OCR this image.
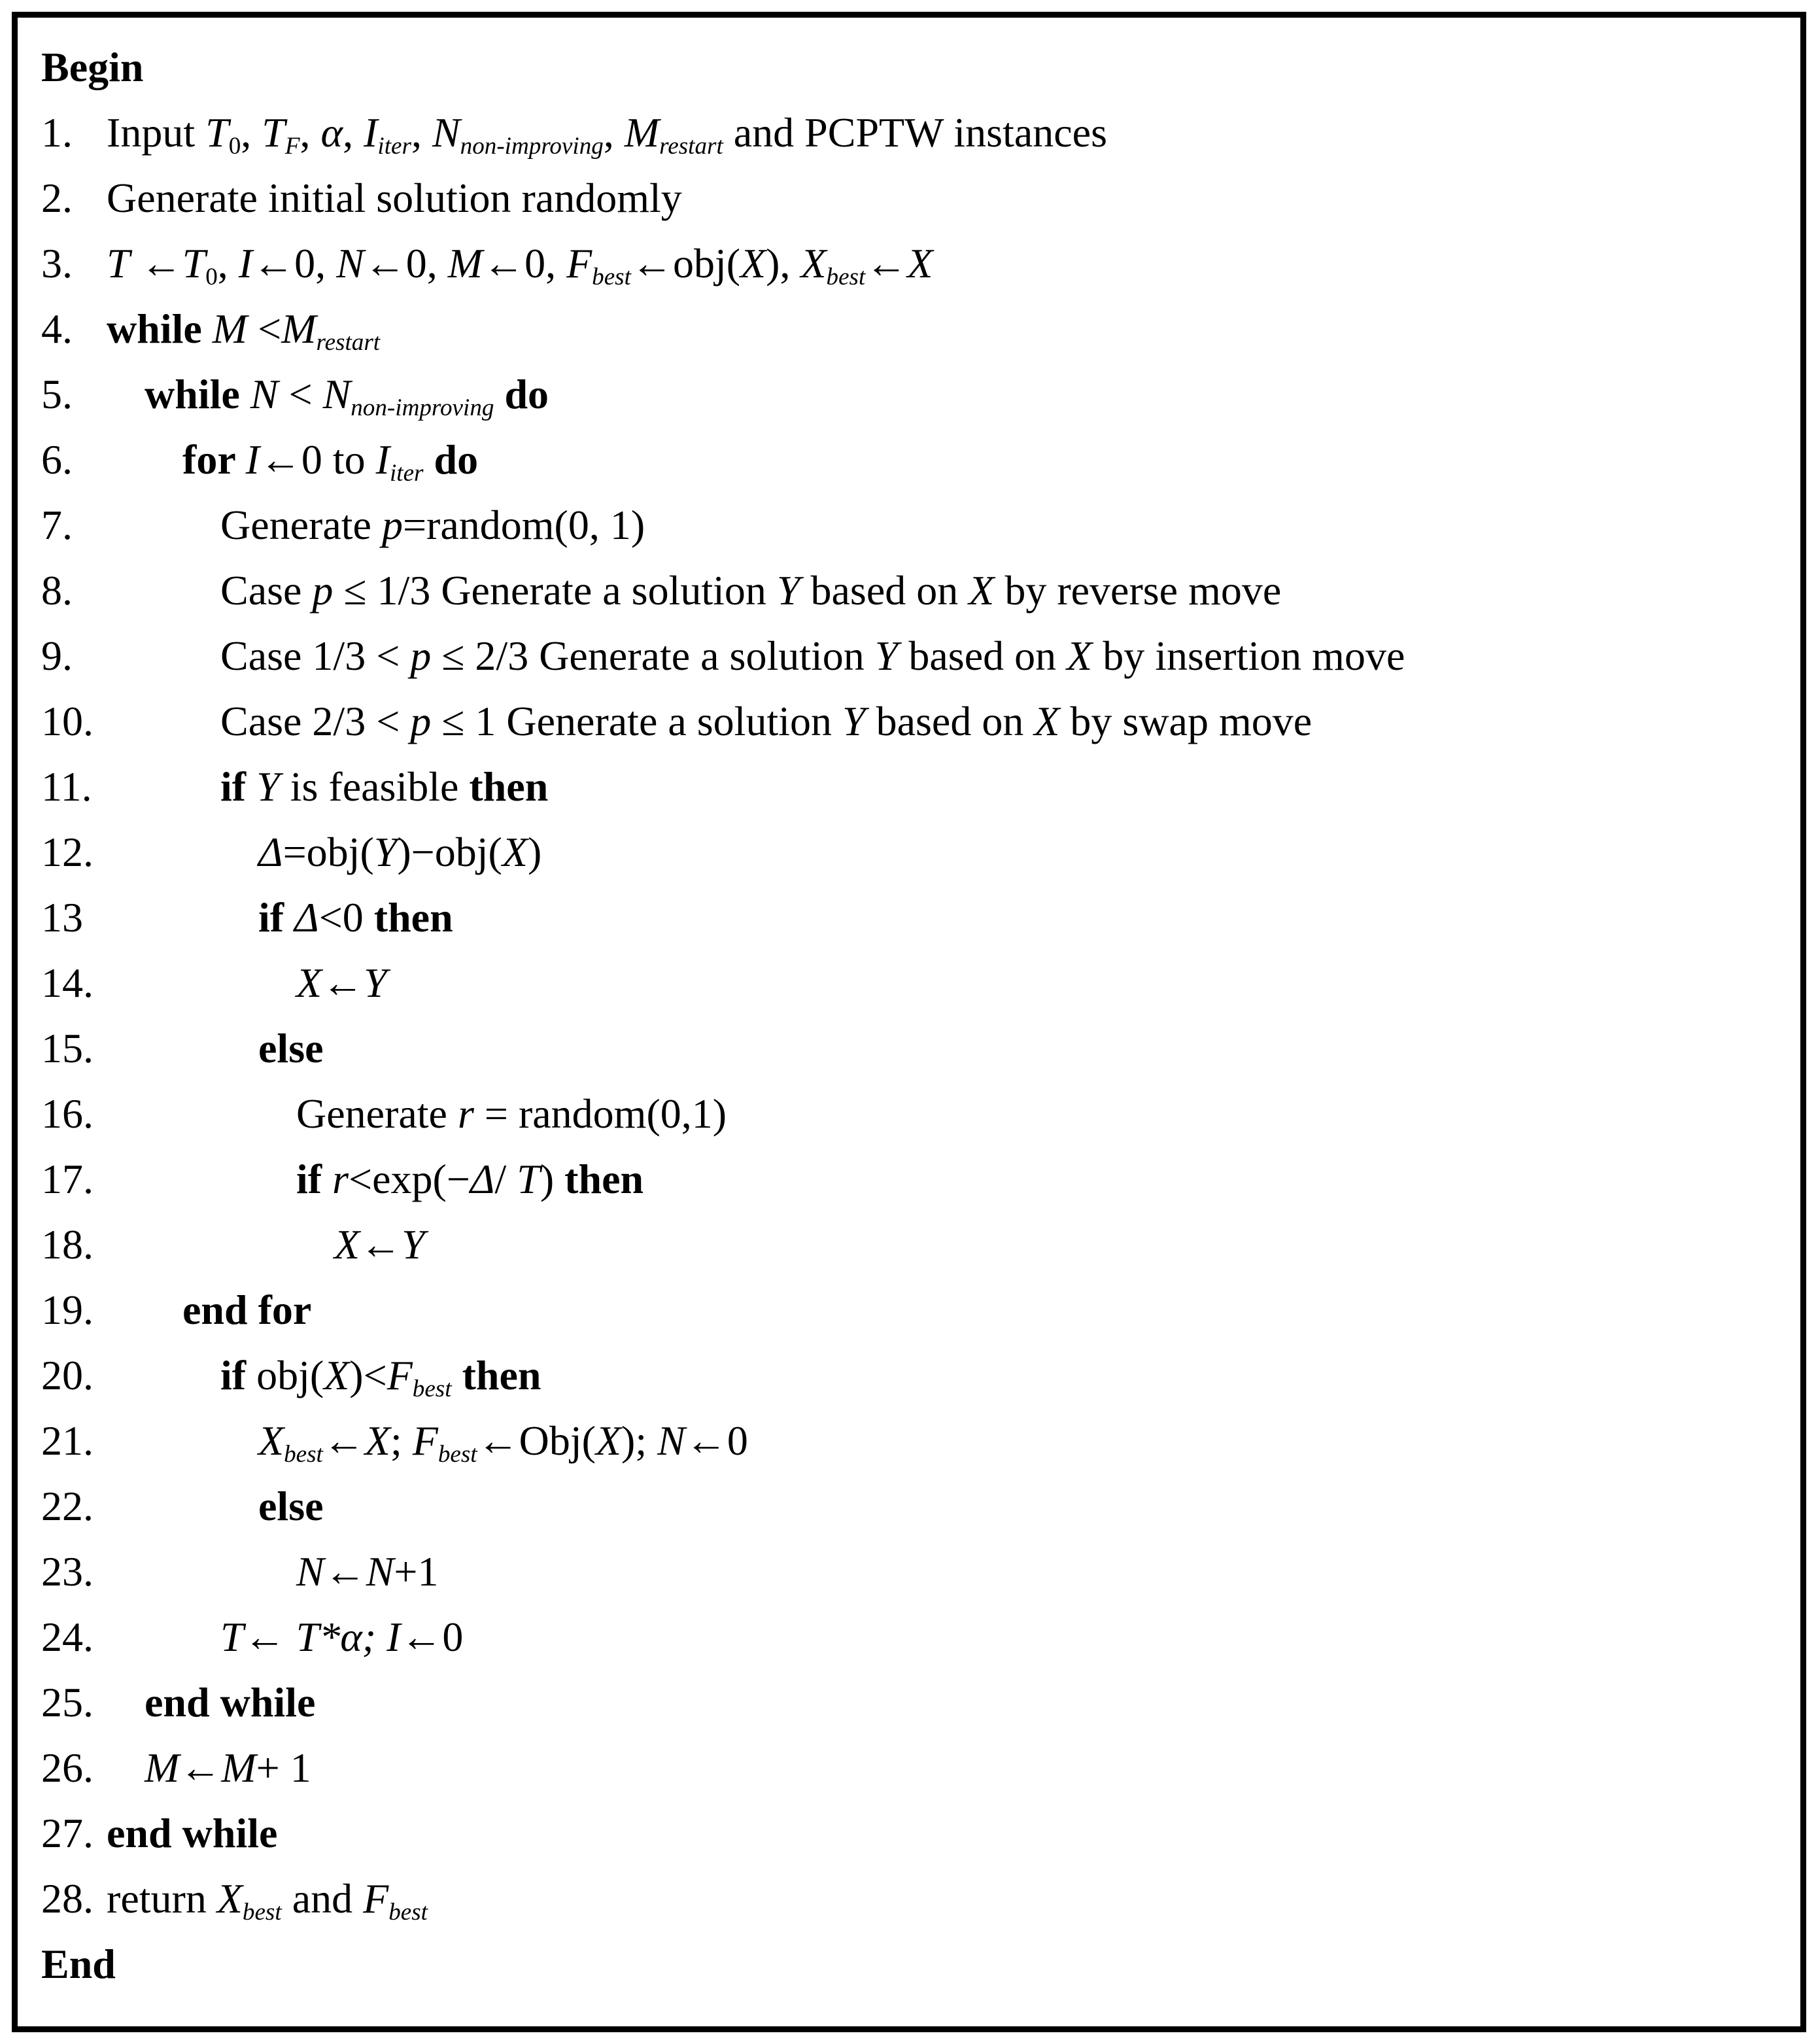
Begin
1. Input $T_0$, $T_F$, α, $I_{iter}$, $N_{non-improving}$, $M_{restart}$ and PCPTW instances
2. Generate initial solution randomly
3. T $\leftarrow T_0$, I←0, N←0, M←0, $F_{best}\leftarrow obj(X)$, $X_{best}\leftarrow X$
4. while $M <M_{restart}$
5.	while $N < N_{non-improving}$ do
6.	for I←0 to $I_{iter}$ do
7.	Generate p=random(0, 1)
8.	Case p ≤ 1/3 Generate a solution Y based on X by reverse move
9.	Case 1/3 < p ≤ 2/3 Generate a solution Y based on X by insertion move
10.	Case 2/3 < p ≤ 1 Generate a solution Y based on X by swap move
11.	if Y is feasible then
12.	Δ=obj(Y)−obj(X)
13	if Δ<0 then
14.	X←Y
15.	else
16.	Generate r = random(0,1)
17.	if r<exp(−Δ/ T) then
18.	X←Y
19.	end for
20.	if $obj(X)<F_{best}$ then
21.	$X_{best}\leftarrow X$; $F_{best}\leftarrow Obj(X)$; N←0
22.	else
23.	N←N+1
24.	T← T*α; I←0
25.	end while
26.	M←M+ 1
27. end while
28. return $X_{best}$ and $F_{best}$
End
